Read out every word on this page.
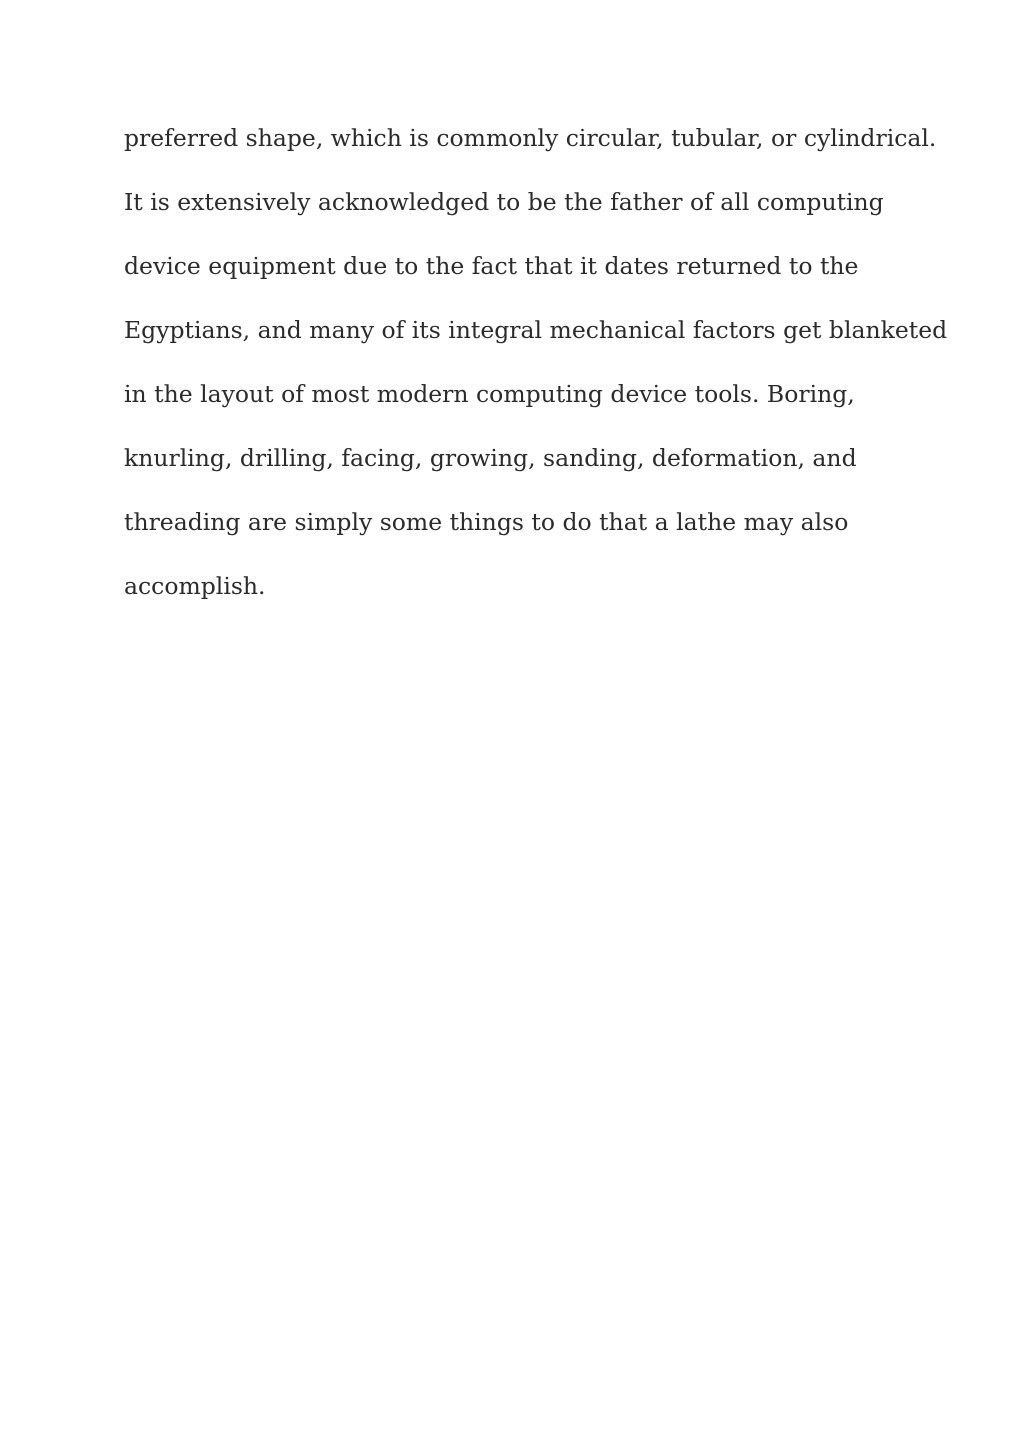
preferred shape, which is commonly circular, tubular, or cylindrical.
It is extensively acknowledged to be the father of all computing
device equipment due to the fact that it dates returned to the
Egyptians, and many of its integral mechanical factors get blanketed
in the layout of most modern computing device tools. Boring,
knurling, drilling, facing, growing, sanding, deformation, and
threading are simply some things to do that a lathe may also
accomplish.
